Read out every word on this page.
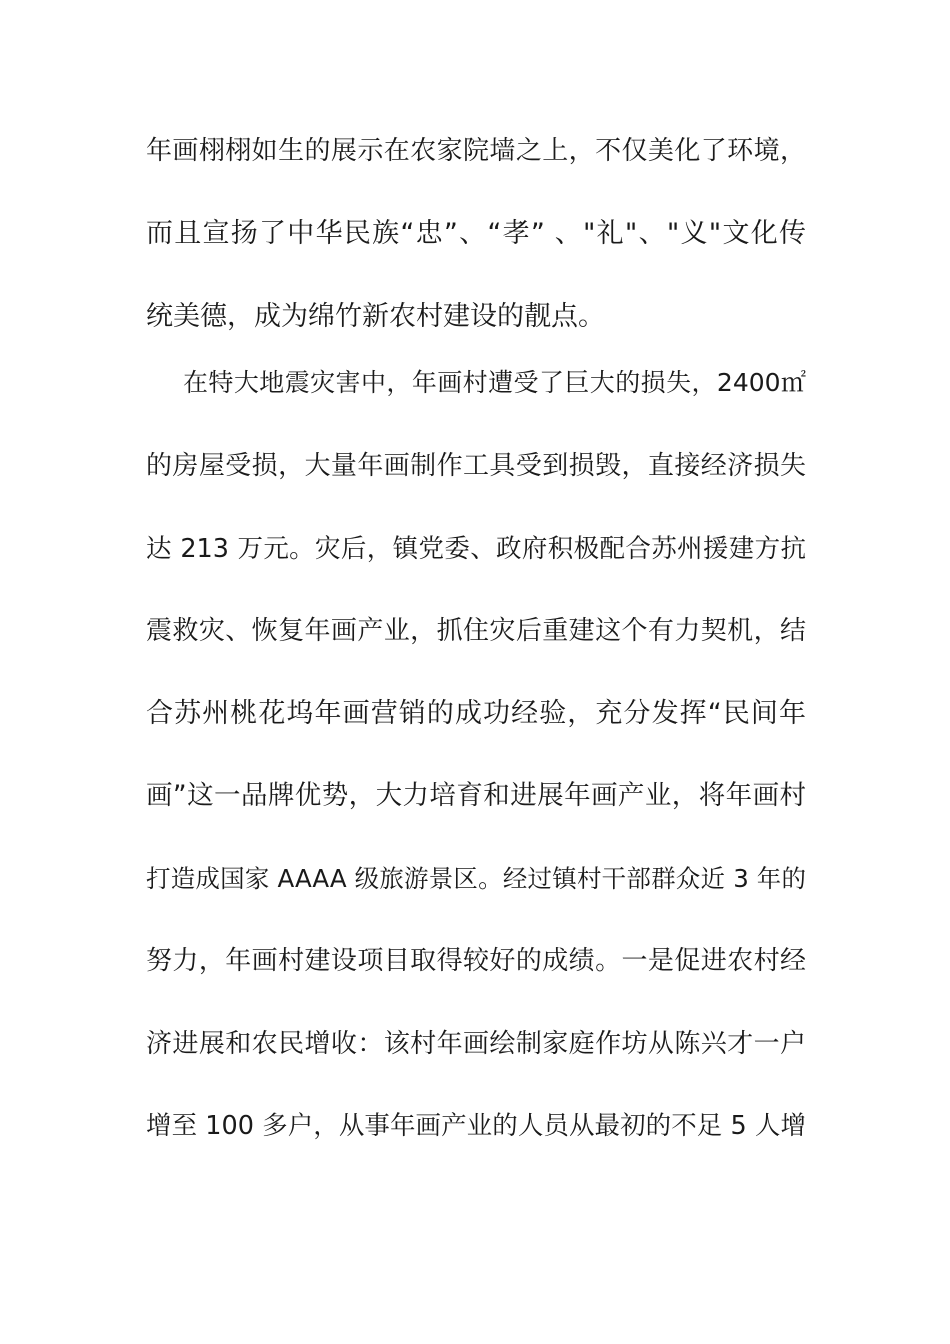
年画栩栩如生的展示在农家院墙之上，不仅美化了环境，
而且宣扬了中华民族“忠”、“孝” 、"礼"、"义"文化传
统美德，成为绵竹新农村建设的靓点。
在特大地震灾害中，年画村遭受了巨大的损失，2400㎡
的房屋受损，大量年画制作工具受到损毁，直接经济损失
达 213 万元。灾后，镇党委、政府积极配合苏州援建方抗
震救灾、恢复年画产业，抓住灾后重建这个有力契机，结
合苏州桃花坞年画营销的成功经验，充分发挥“民间年
画”这一品牌优势，大力培育和进展年画产业，将年画村
打造成国家 AAAA 级旅游景区。经过镇村干部群众近 3 年的
努力，年画村建设项目取得较好的成绩。一是促进农村经
济进展和农民增收：该村年画绘制家庭作坊从陈兴才一户
增至 100 多户，从事年画产业的人员从最初的不足 5 人增
